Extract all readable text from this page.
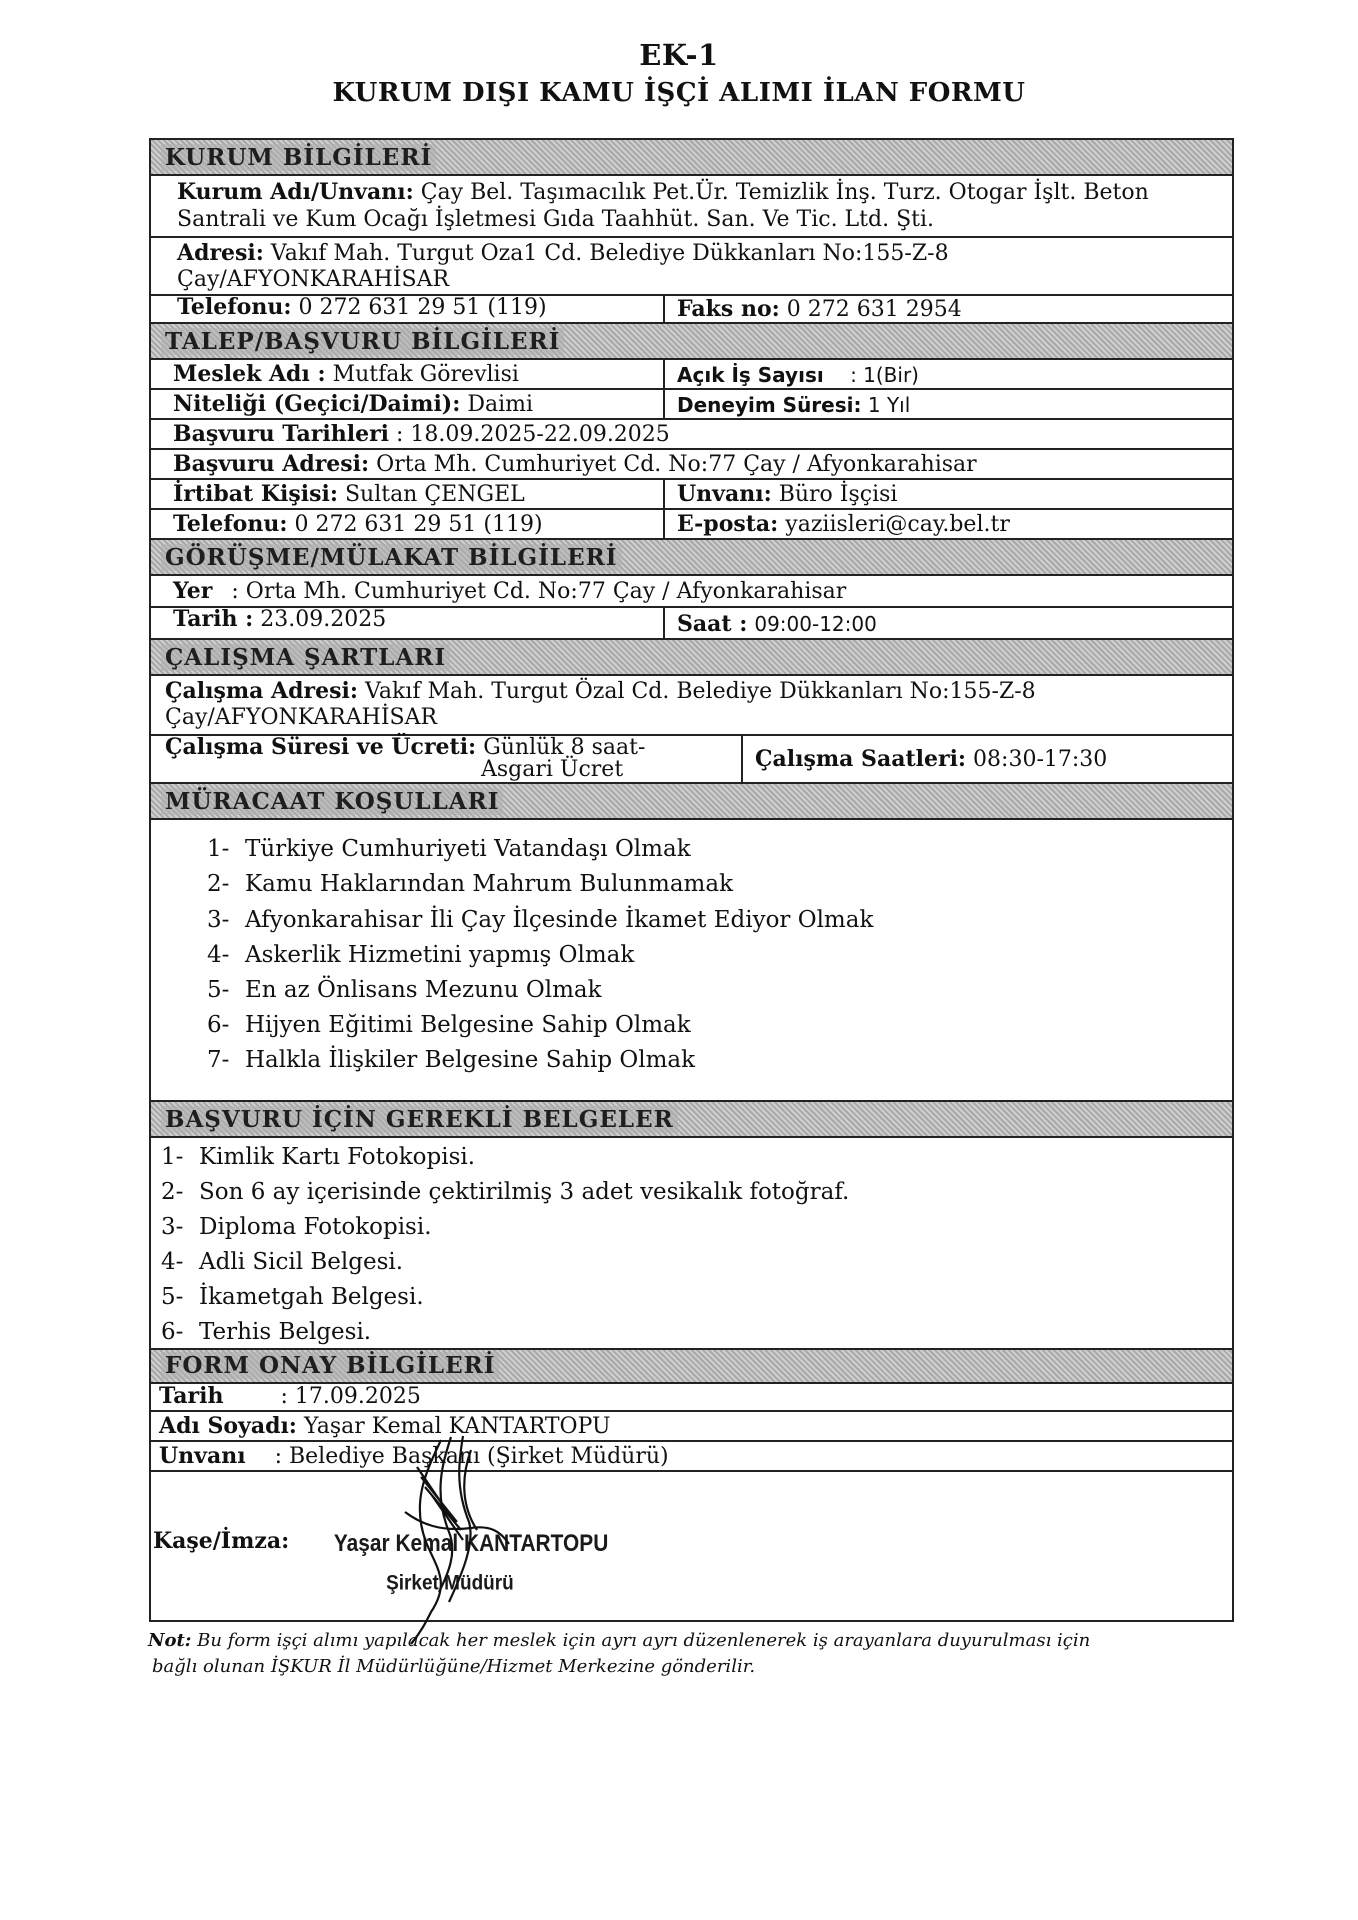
EK-1
KURUM DIŞI KAMU İŞÇİ ALIMI İLAN FORMU
KURUM BİLGİLERİ
Kurum Adı/Unvanı: Çay Bel. Taşımacılık Pet.Ür. Temizlik İnş. Turz. Otogar İşlt. Beton
Santrali ve Kum Ocağı İşletmesi Gıda Taahhüt. San. Ve Tic. Ltd. Şti.
Adresi: Vakıf Mah. Turgut Oza1 Cd. Belediye Dükkanları No:155-Z-8
Çay/AFYONKARAHİSAR
Telefonu: 0 272 631 29 51 (119)	Faks no: 0 272 631 2954
TALEP/BAŞVURU BİLGİLERİ
Meslek Adı : Mutfak Görevlisi	Açık İş Sayısı : 1(Bir)
Niteliği (Geçici/Daimi): Daimi	Deneyim Süresi: 1 Yıl
Başvuru Tarihleri : 18.09.2025-22.09.2025
Başvuru Adresi: Orta Mh. Cumhuriyet Cd. No:77 Çay / Afyonkarahisar
İrtibat Kişisi: Sultan ÇENGEL	Unvanı: Büro İşçisi
Telefonu: 0 272 631 29 51 (119)	E-posta: yaziisleri@cay.bel.tr
GÖRÜŞME/MÜLAKAT BİLGİLERİ
Yer : Orta Mh. Cumhuriyet Cd. No:77 Çay / Afyonkarahisar
Tarih : 23.09.2025	Saat : 09:00-12:00
ÇALIŞMA ŞARTLARI
Çalışma Adresi: Vakıf Mah. Turgut Özal Cd. Belediye Dükkanları No:155-Z-8
Çay/AFYONKARAHİSAR
Çalışma Süresi ve Ücreti: Günlük 8 saat-
Asgari Ücret	Çalışma Saatleri: 08:30-17:30
MÜRACAAT KOŞULLARI
1- Türkiye Cumhuriyeti Vatandaşı Olmak
2- Kamu Haklarından Mahrum Bulunmamak
3- Afyonkarahisar İli Çay İlçesinde İkamet Ediyor Olmak
4- Askerlik Hizmetini yapmış Olmak
5- En az Önlisans Mezunu Olmak
6- Hijyen Eğitimi Belgesine Sahip Olmak
7- Halkla İlişkiler Belgesine Sahip Olmak
BAŞVURU İÇİN GEREKLİ BELGELER
1- Kimlik Kartı Fotokopisi.
2- Son 6 ay içerisinde çektirilmiş 3 adet vesikalık fotoğraf.
3- Diploma Fotokopisi.
4- Adli Sicil Belgesi.
5- İkametgah Belgesi.
6- Terhis Belgesi.
FORM ONAY BİLGİLERİ
Tarih	: 17.09.2025
Adı Soyadı: Yaşar Kemal KANTARTOPU
Unvanı : Belediye Başkanı (Şirket Müdürü)
Kaşe/İmza: Yaşar Kemal KANTARTOPU
Şirket Müdürü
Not: Bu form işçi alımı yapılacak her meslek için ayrı ayrı düzenlenerek iş arayanlara duyurulması için
bağlı olunan İŞKUR İl Müdürlüğüne/Hizmet Merkezine gönderilir.
